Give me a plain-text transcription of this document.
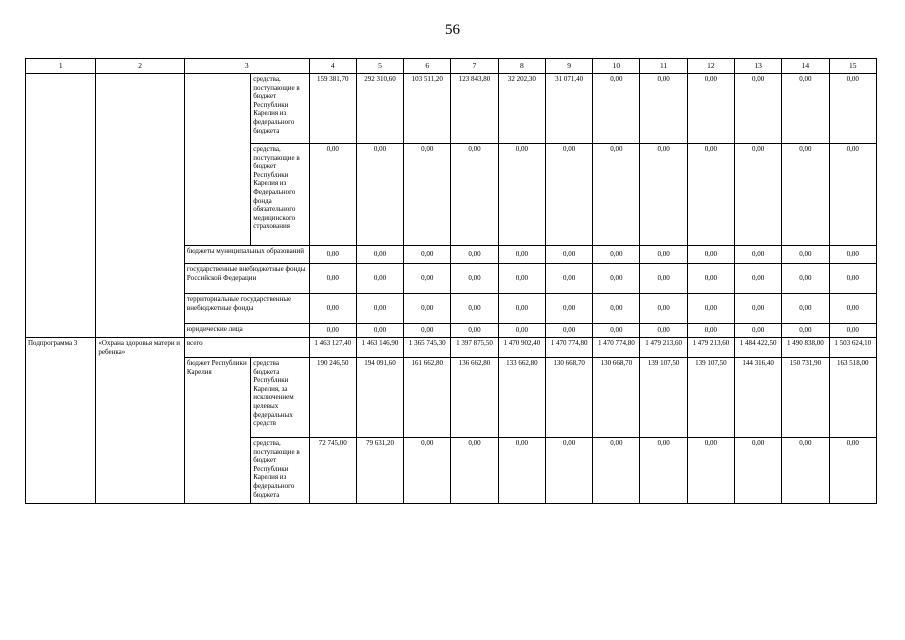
56
1	2	3		4	5	6	7	8	9	10	11	12	13	14	15
			средства, поступающие в бюджет Республики Карелия из федерального бюджета	159 381,70	292 310,60	103 511,20	123 843,80	32 202,30	31 071,40	0,00	0,00	0,00	0,00	0,00	0,00
			средства, поступающие в бюджет Республики Карелия из Федерального фонда обязательного медицинского страхования	0,00	0,00	0,00	0,00	0,00	0,00	0,00	0,00	0,00	0,00	0,00	0,00
		бюджеты муниципальных образований		0,00	0,00	0,00	0,00	0,00	0,00	0,00	0,00	0,00	0,00	0,00	0,00
		государственные внебюджетные фонды Российской Федерации		0,00	0,00	0,00	0,00	0,00	0,00	0,00	0,00	0,00	0,00	0,00	0,00
		территориальные государственные внебюджетные фонды		0,00	0,00	0,00	0,00	0,00	0,00	0,00	0,00	0,00	0,00	0,00	0,00
		юридические лица		0,00	0,00	0,00	0,00	0,00	0,00	0,00	0,00	0,00	0,00	0,00	0,00
Подпрограмма 3	«Охрана здоровья матери и ребенка»	всего		1 463 127,40	1 463 146,90	1 365 745,30	1 397 875,50	1 470 902,40	1 470 774,80	1 470 774,80	1 479 213,60	1 479 213,60	1 484 422,50	1 490 838,00	1 503 624,10
		бюджет Республики Карелия	средства бюджета Республики Карелия, за исключением целевых федеральных средств	190 246,50	194 091,60	161 662,80	136 662,80	133 662,80	130 668,70	130 668,70	139 107,50	139 107,50	144 316,40	150 731,90	163 518,00
			средства, поступающие в бюджет Республики Карелия из федерального бюджета	72 745,00	79 631,20	0,00	0,00	0,00	0,00	0,00	0,00	0,00	0,00	0,00	0,00
